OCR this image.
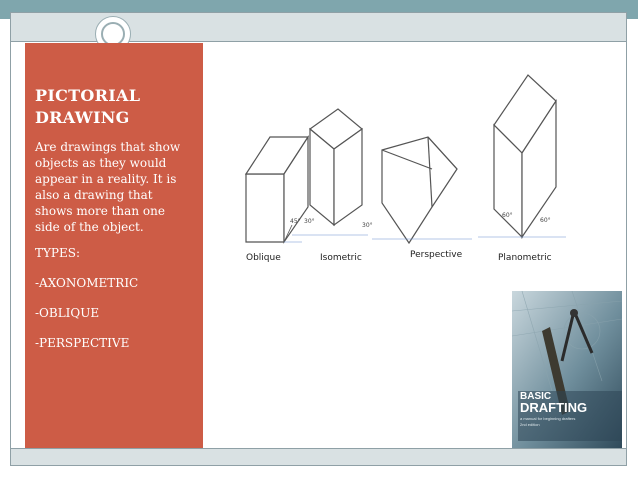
PICTORIAL
DRAWING
Are drawings that show objects as they would appear in a reality. It is also a drawing that shows more than one side of the object.
TYPES:
-AXONOMETRIC
-OBLIQUE
-PERSPECTIVE
Oblique	Isometric	Perspective	Planometric
45° 30°
30°
60°
60°
BASIC
DRAFTING
a manual for beginning drafters
2nd edition
